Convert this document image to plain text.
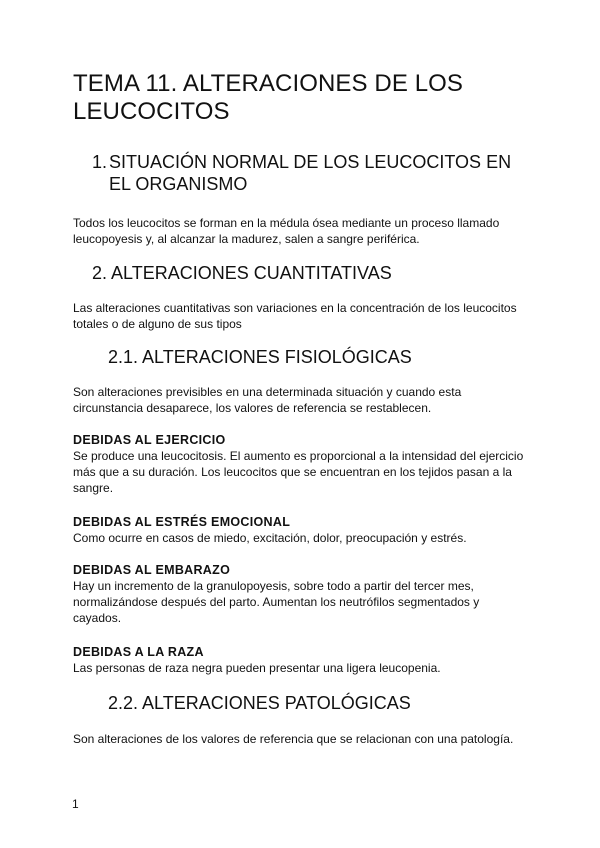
TEMA 11. ALTERACIONES DE LOS LEUCOCITOS
1. SITUACIÓN NORMAL DE LOS LEUCOCITOS EN EL ORGANISMO

Todos los leucocitos se forman en la médula ósea mediante un proceso llamado leucopoyesis y, al alcanzar la madurez, salen a sangre periférica.

2. ALTERACIONES CUANTITATIVAS

Las alteraciones cuantitativas son variaciones en la concentración de los leucocitos totales o de alguno de sus tipos

2.1. ALTERACIONES FISIOLÓGICAS

Son alteraciones previsibles en una determinada situación y cuando esta circunstancia desaparece, los valores de referencia se restablecen.

DEBIDAS AL EJERCICIO

Se produce una leucocitosis. El aumento es proporcional a la intensidad del ejercicio más que a su duración. Los leucocitos que se encuentran en los tejidos pasan a la sangre.

DEBIDAS AL ESTRÉS EMOCIONAL

Como ocurre en casos de miedo, excitación, dolor, preocupación y estrés.

DEBIDAS AL EMBARAZO

Hay un incremento de la granulopoyesis, sobre todo a partir del tercer mes, normalizándose después del parto. Aumentan los neutrófilos segmentados y cayados.

DEBIDAS A LA RAZA

Las personas de raza negra pueden presentar una ligera leucopenia.

2.2. ALTERACIONES PATOLÓGICAS

Son alteraciones de los valores de referencia que se relacionan con una patología.

1
